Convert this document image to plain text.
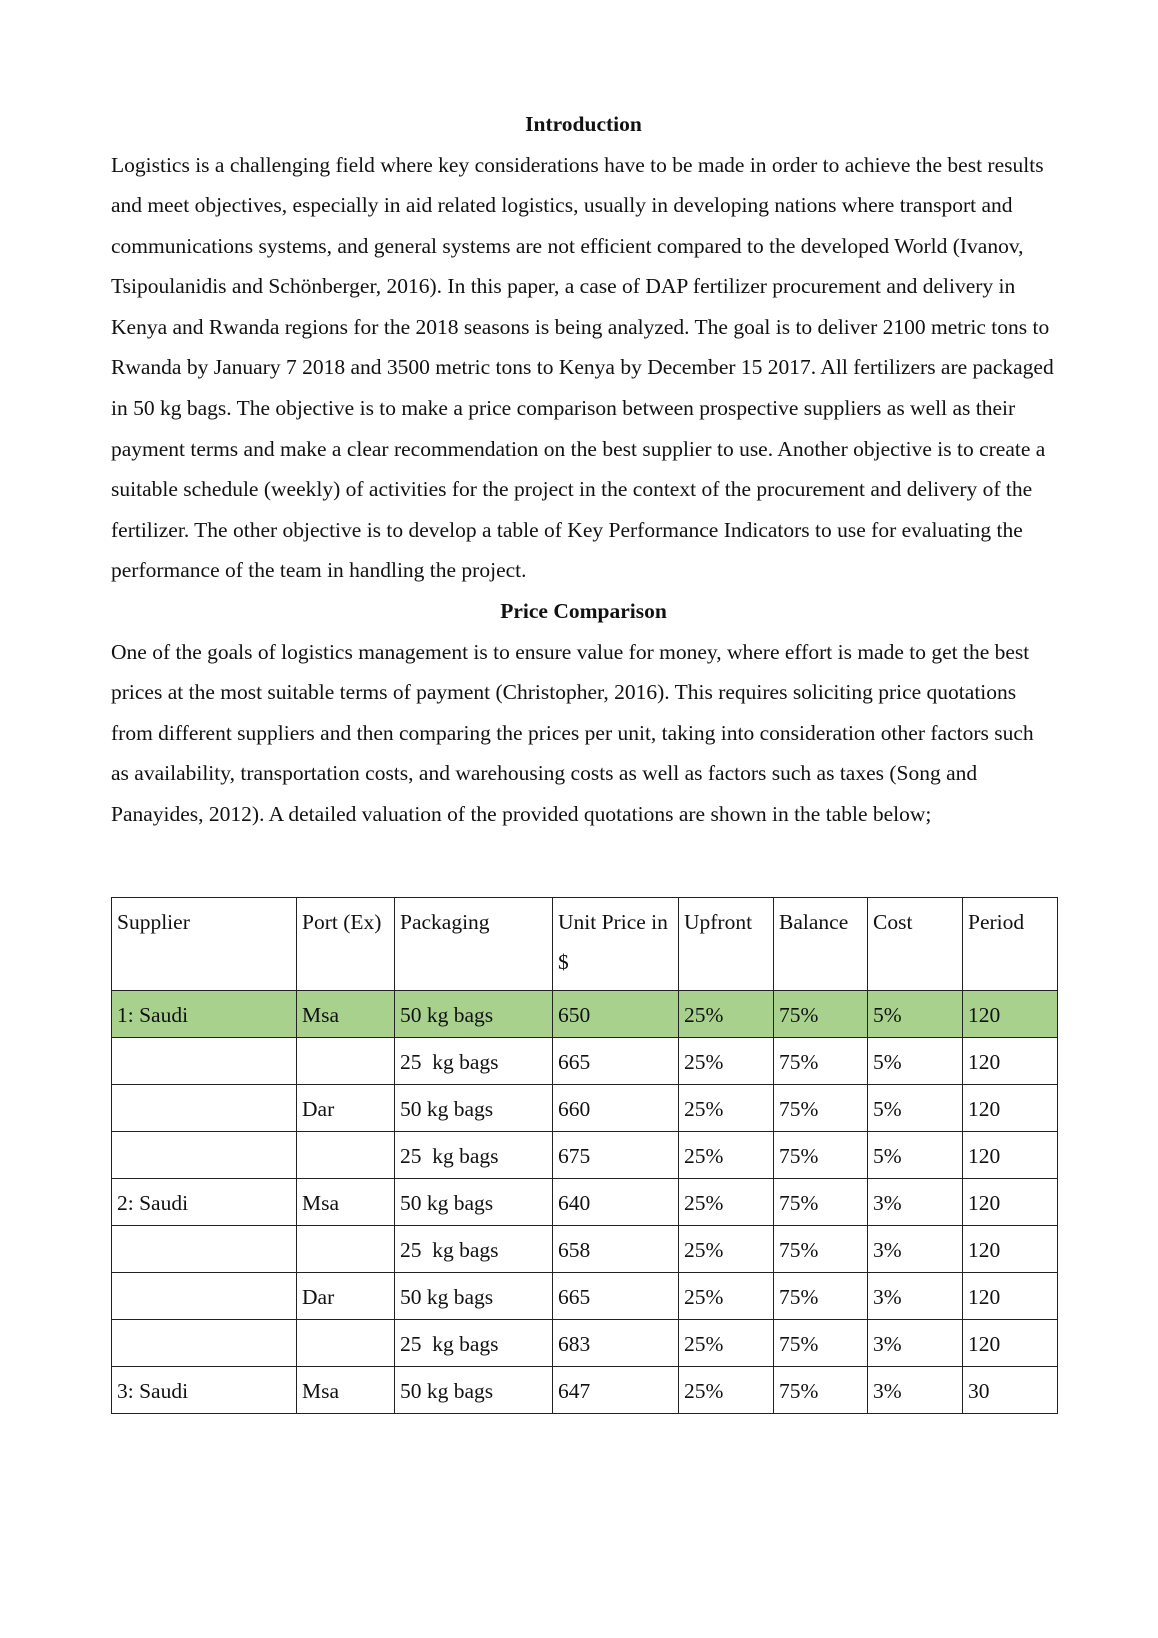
Introduction

Logistics is a challenging field where key considerations have to be made in order to achieve the best results and meet objectives, especially in aid related logistics, usually in developing nations where transport and communications systems, and general systems are not efficient compared to the developed World (Ivanov, Tsipoulanidis and Schönberger, 2016). In this paper, a case of DAP fertilizer procurement and delivery in Kenya and Rwanda regions for the 2018 seasons is being analyzed. The goal is to deliver 2100 metric tons to Rwanda by January 7 2018 and 3500 metric tons to Kenya by December 15 2017. All fertilizers are packaged in 50 kg bags. The objective is to make a price comparison between prospective suppliers as well as their payment terms and make a clear recommendation on the best supplier to use. Another objective is to create a suitable schedule (weekly) of activities for the project in the context of the procurement and delivery of the fertilizer. The other objective is to develop a table of Key Performance Indicators to use for evaluating the performance of the team in handling the project.

Price Comparison

One of the goals of logistics management is to ensure value for money, where effort is made to get the best prices at the most suitable terms of payment (Christopher, 2016). This requires soliciting price quotations from different suppliers and then comparing the prices per unit, taking into consideration other factors such as availability, transportation costs, and warehousing costs as well as factors such as taxes (Song and Panayides, 2012). A detailed valuation of the provided quotations are shown in the table below;

Supplier	Port (Ex)	Packaging	Unit Price in $	Upfront	Balance	Cost	Period
1: Saudi	Msa	50 kg bags	650	25%	75%	5%	120
		25  kg bags	665	25%	75%	5%	120
	Dar	50 kg bags	660	25%	75%	5%	120
		25  kg bags	675	25%	75%	5%	120
2: Saudi	Msa	50 kg bags	640	25%	75%	3%	120
		25  kg bags	658	25%	75%	3%	120
	Dar	50 kg bags	665	25%	75%	3%	120
		25  kg bags	683	25%	75%	3%	120
3: Saudi	Msa	50 kg bags	647	25%	75%	3%	30
